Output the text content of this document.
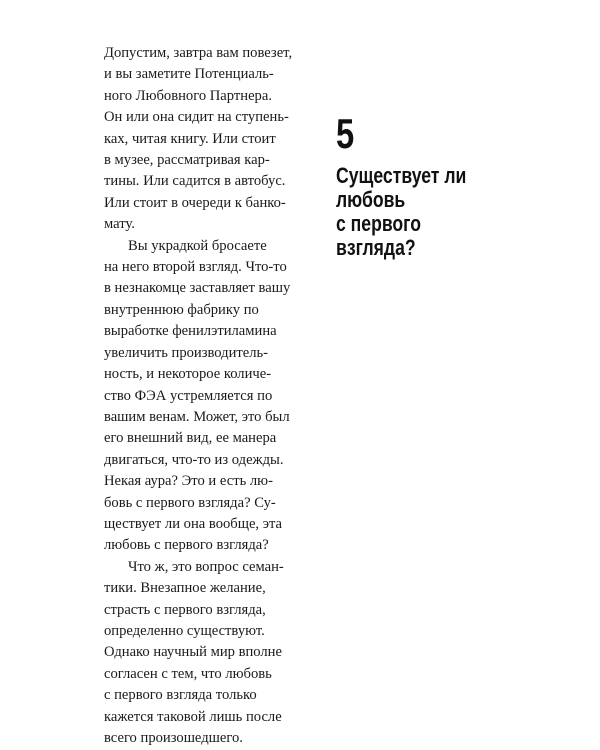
Допустим, завтра вам повезет,
и вы заметите Потенциаль-
ного Любовного Партнера.
Он или она сидит на ступень-
ках, читая книгу. Или стоит
в музее, рассматривая кар-
тины. Или садится в автобус.
Или стоит в очереди к банко-
мату.
Вы украдкой бросаете
на него второй взгляд. Что-то
в незнакомце заставляет вашу
внутреннюю фабрику по
выработке фенилэтиламина
увеличить производитель-
ность, и некоторое количе-
ство ФЭА устремляется по
вашим венам. Может, это был
его внешний вид, ее манера
двигаться, что-то из одежды.
Некая аура? Это и есть лю-
бовь с первого взгляда? Су-
ществует ли она вообще, эта
любовь с первого взгляда?
Что ж, это вопрос семан-
тики. Внезапное желание,
страсть с первого взгляда,
определенно существуют.
Однако научный мир вполне
согласен с тем, что любовь
с первого взгляда только
кажется таковой лишь после
всего произошедшего.
5
Существует ли
любовь
с первого
взгляда?
